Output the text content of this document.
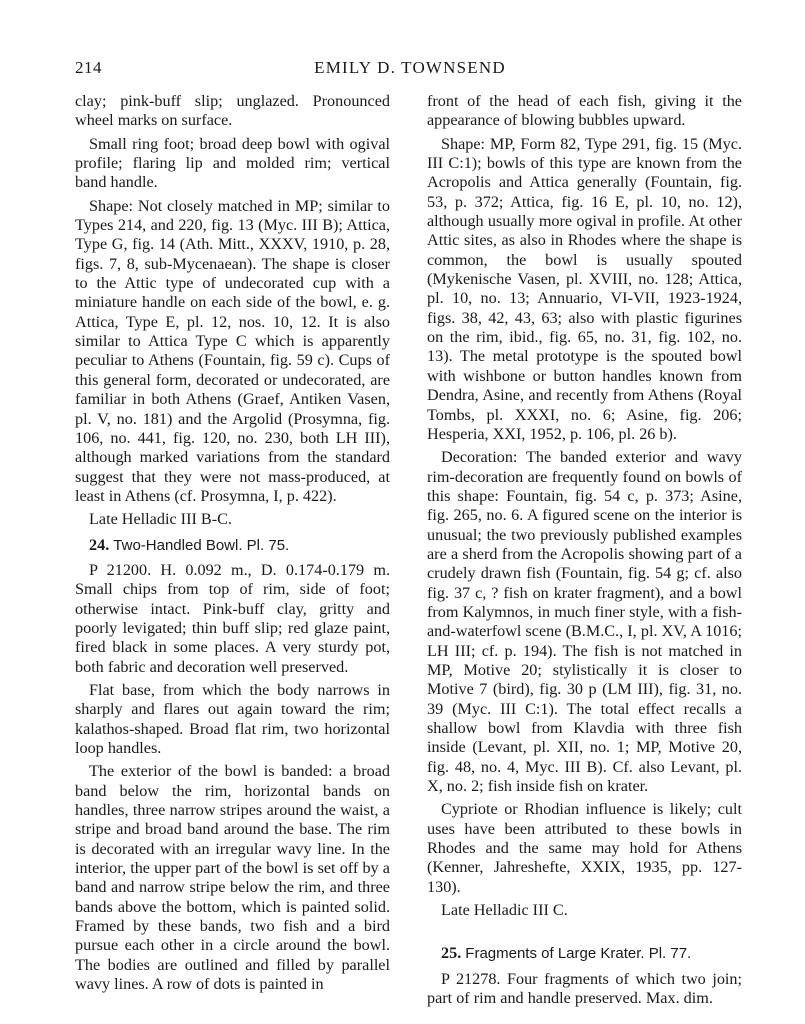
214	EMILY D. TOWNSEND

clay; pink-buff slip; unglazed. Pronounced wheel marks on surface.

Small ring foot; broad deep bowl with ogival profile; flaring lip and molded rim; vertical band handle.

Shape: Not closely matched in MP; similar to Types 214, and 220, fig. 13 (Myc. III B); Attica, Type G, fig. 14 (Ath. Mitt., XXXV, 1910, p. 28, figs. 7, 8, sub-Mycenaean). The shape is closer to the Attic type of undecorated cup with a miniature handle on each side of the bowl, e. g. Attica, Type E, pl. 12, nos. 10, 12. It is also similar to Attica Type C which is apparently peculiar to Athens (Fountain, fig. 59 c). Cups of this general form, decorated or undecorated, are familiar in both Athens (Graef, Antiken Vasen, pl. V, no. 181) and the Argolid (Prosymna, fig. 106, no. 441, fig. 120, no. 230, both LH III), although marked variations from the standard suggest that they were not mass-produced, at least in Athens (cf. Prosymna, I, p. 422).

Late Helladic III B-C.

24. Two-Handled Bowl. Pl. 75.

P 21200. H. 0.092 m., D. 0.174-0.179 m. Small chips from top of rim, side of foot; otherwise intact. Pink-buff clay, gritty and poorly levigated; thin buff slip; red glaze paint, fired black in some places. A very sturdy pot, both fabric and decoration well preserved.

Flat base, from which the body narrows in sharply and flares out again toward the rim; kalathos-shaped. Broad flat rim, two horizontal loop handles.

The exterior of the bowl is banded: a broad band below the rim, horizontal bands on handles, three narrow stripes around the waist, a stripe and broad band around the base. The rim is decorated with an irregular wavy line. In the interior, the upper part of the bowl is set off by a band and narrow stripe below the rim, and three bands above the bottom, which is painted solid. Framed by these bands, two fish and a bird pursue each other in a circle around the bowl. The bodies are outlined and filled by parallel wavy lines. A row of dots is painted in

front of the head of each fish, giving it the appearance of blowing bubbles upward.

Shape: MP, Form 82, Type 291, fig. 15 (Myc. III C:1); bowls of this type are known from the Acropolis and Attica generally (Fountain, fig. 53, p. 372; Attica, fig. 16 E, pl. 10, no. 12), although usually more ogival in profile. At other Attic sites, as also in Rhodes where the shape is common, the bowl is usually spouted (Mykenische Vasen, pl. XVIII, no. 128; Attica, pl. 10, no. 13; Annuario, VI-VII, 1923-1924, figs. 38, 42, 43, 63; also with plastic figurines on the rim, ibid., fig. 65, no. 31, fig. 102, no. 13). The metal prototype is the spouted bowl with wishbone or button handles known from Dendra, Asine, and recently from Athens (Royal Tombs, pl. XXXI, no. 6; Asine, fig. 206; Hesperia, XXI, 1952, p. 106, pl. 26 b).

Decoration: The banded exterior and wavy rim-decoration are frequently found on bowls of this shape: Fountain, fig. 54 c, p. 373; Asine, fig. 265, no. 6. A figured scene on the interior is unusual; the two previously published examples are a sherd from the Acropolis showing part of a crudely drawn fish (Fountain, fig. 54 g; cf. also fig. 37 c, ? fish on krater fragment), and a bowl from Kalymnos, in much finer style, with a fish-and-waterfowl scene (B.M.C., I, pl. XV, A 1016; LH III; cf. p. 194). The fish is not matched in MP, Motive 20; stylistically it is closer to Motive 7 (bird), fig. 30 p (LM III), fig. 31, no. 39 (Myc. III C:1). The total effect recalls a shallow bowl from Klavdia with three fish inside (Levant, pl. XII, no. 1; MP, Motive 20, fig. 48, no. 4, Myc. III B). Cf. also Levant, pl. X, no. 2; fish inside fish on krater.

Cypriote or Rhodian influence is likely; cult uses have been attributed to these bowls in Rhodes and the same may hold for Athens (Kenner, Jahreshefte, XXIX, 1935, pp. 127-130).

Late Helladic III C.

25. Fragments of Large Krater. Pl. 77.

P 21278. Four fragments of which two join; part of rim and handle preserved. Max. dim.
